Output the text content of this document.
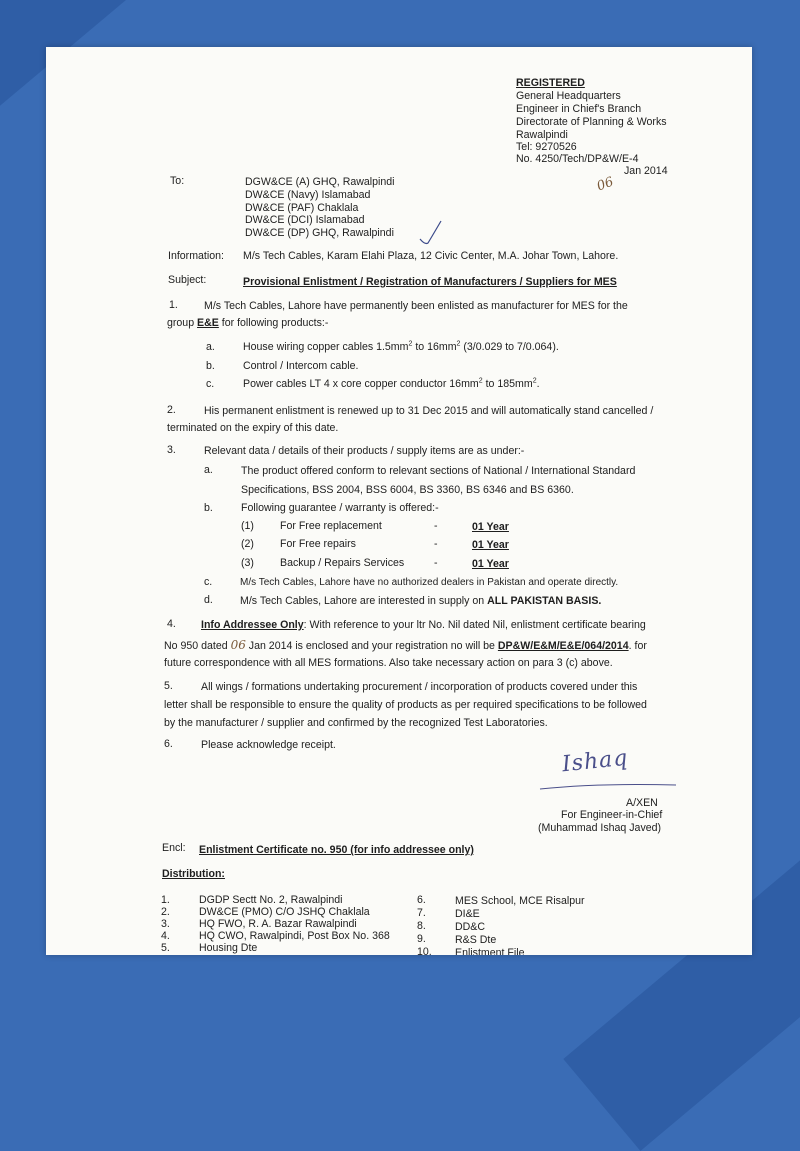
REGISTERED
General Headquarters
Engineer in Chief's Branch
Directorate of Planning & Works
Rawalpindi
Tel: 9270526
No. 4250/Tech/DP&W/E-4
Jan 2014
06
To:	DGW&CE (A) GHQ, Rawalpindi
DW&CE (Navy) Islamabad
DW&CE (PAF) Chaklala
DW&CE (DCI) Islamabad
DW&CE (DP) GHQ, Rawalpindi
Information: M/s Tech Cables, Karam Elahi Plaza, 12 Civic Center, M.A. Johar Town, Lahore.
Subject:	Provisional Enlistment / Registration of Manufacturers / Suppliers for MES
1. M/s Tech Cables, Lahore have permanently been enlisted as manufacturer for MES for the
group E&E for following products:-
a.	House wiring copper cables $1.5mm^2$ to $16mm^2$ (3/0.029 to 7/0.064).
b.	Control / Intercom cable.
c.	Power cables LT 4 x core copper conductor $16mm^2$ to $185mm^2$.
2.	His permanent enlistment is renewed up to 31 Dec 2015 and will automatically stand cancelled /
terminated on the expiry of this date.
3.	Relevant data / details of their products / supply items are as under:-
a.	The product offered conform to relevant sections of National / International Standard
Specifications, BSS 2004, BSS 6004, BS 3360, BS 6346 and BS 6360.
b.	Following guarantee / warranty is offered:-
(1) For Free replacement	-	01 Year
(2) For Free repairs	-	01 Year
(3) Backup / Repairs Services	-	01 Year
c.	M/s Tech Cables, Lahore have no authorized dealers in Pakistan and operate directly.
d.	M/s Tech Cables, Lahore are interested in supply on ALL PAKISTAN BASIS.
4. Info Addressee Only: With reference to your ltr No. Nil dated Nil, enlistment certificate bearing
No 950 dated 06 Jan 2014 is enclosed and your registration no will be DP&W/E&M/E&E/064/2014. for
future correspondence with all MES formations. Also take necessary action on para 3 (c) above.
5.	All wings / formations undertaking procurement / incorporation of products covered under this
letter shall be responsible to ensure the quality of products as per required specifications to be followed
by the manufacturer / supplier and confirmed by the recognized Test Laboratories.
6.	Please acknowledge receipt.
Ishaq
A/XEN
For Engineer-in-Chief
(Muhammad Ishaq Javed)
Encl: Enlistment Certificate no. 950 (for info addressee only)
Distribution:
1.	DGDP Sectt No. 2, Rawalpindi
2.	DW&CE (PMO) C/O JSHQ Chaklala
3.	HQ FWO, R. A. Bazar Rawalpindi
4.	HQ CWO, Rawalpindi, Post Box No. 368
5.	Housing Dte
6.	MES School, MCE Risalpur
7.	DI&E
8.	DD&C
9.	R&S Dte
10. Enlistment File
